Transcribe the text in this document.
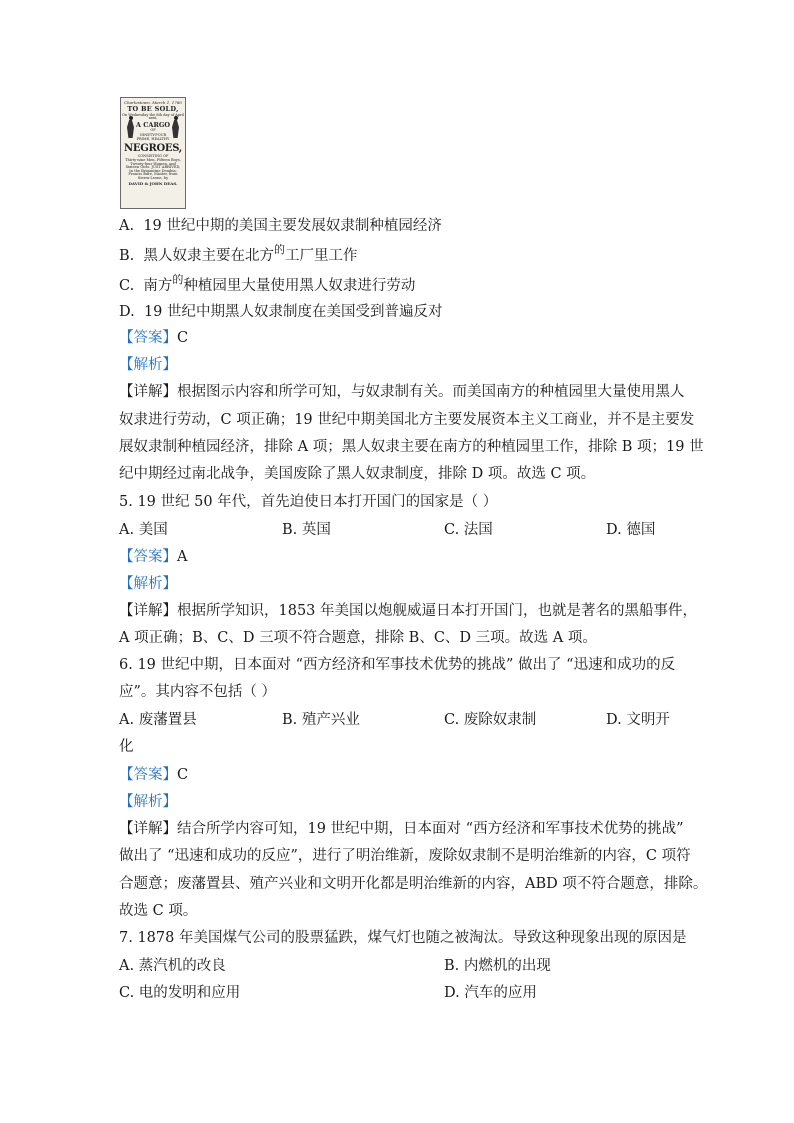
Charlestown, March 1, 1780
TO BE SOLD,
On Wednesday the 8th day of April next,
A CARGO
OF
NINETY-FOUR
PRIME, HEALTHY
NEGROES,
CONSISTING OF
Thirty-nine Men, Fifteen Boys, Twenty-four Women, and Sixteen Girls. JUST ARRIVED, In the Brigantine Dembia, Francis Bare, Master, from Sierra-Leone, by
DAVID & JOHN DEAS.
A. 19 世纪中期的美国主要发展奴隶制种植园经济
B. 黑人奴隶主要在北方$^的$工厂里工作
C. 南方$^的$种植园里大量使用黑人奴隶进行劳动
D. 19 世纪中期黑人奴隶制度在美国受到普遍反对
【答案】C
【解析】
【详解】根据图示内容和所学可知，与奴隶制有关。而美国南方的种植园里大量使用黑人
奴隶进行劳动，C 项正确；19 世纪中期美国北方主要发展资本主义工商业，并不是主要发
展奴隶制种植园经济，排除 A 项；黑人奴隶主要在南方的种植园里工作，排除 B 项；19 世
纪中期经过南北战争，美国废除了黑人奴隶制度，排除 D 项。故选 C 项。
5. 19 世纪 50 年代，首先迫使日本打开国门的国家是（ ）
A. 美国	B. 英国	C. 法国	D. 德国
【答案】A
【解析】
【详解】根据所学知识，1853 年美国以炮舰威逼日本打开国门，也就是著名的黑船事件，
A 项正确；B、C、D 三项不符合题意，排除 B、C、D 三项。故选 A 项。
6. 19 世纪中期，日本面对 “西方经济和军事技术优势的挑战” 做出了 “迅速和成功的反
应”。其内容不包括（ ）
A. 废藩置县	B. 殖产兴业	C. 废除奴隶制	D. 文明开
化
【答案】C
【解析】
【详解】结合所学内容可知，19 世纪中期，日本面对 “西方经济和军事技术优势的挑战”
做出了 “迅速和成功的反应”，进行了明治维新，废除奴隶制不是明治维新的内容，C 项符
合题意；废藩置县、殖产兴业和文明开化都是明治维新的内容，ABD 项不符合题意，排除。
故选 C 项。
7. 1878 年美国煤气公司的股票猛跌，煤气灯也随之被淘汰。导致这种现象出现的原因是
A. 蒸汽机的改良	B. 内燃机的出现
C. 电的发明和应用	D. 汽车的应用
